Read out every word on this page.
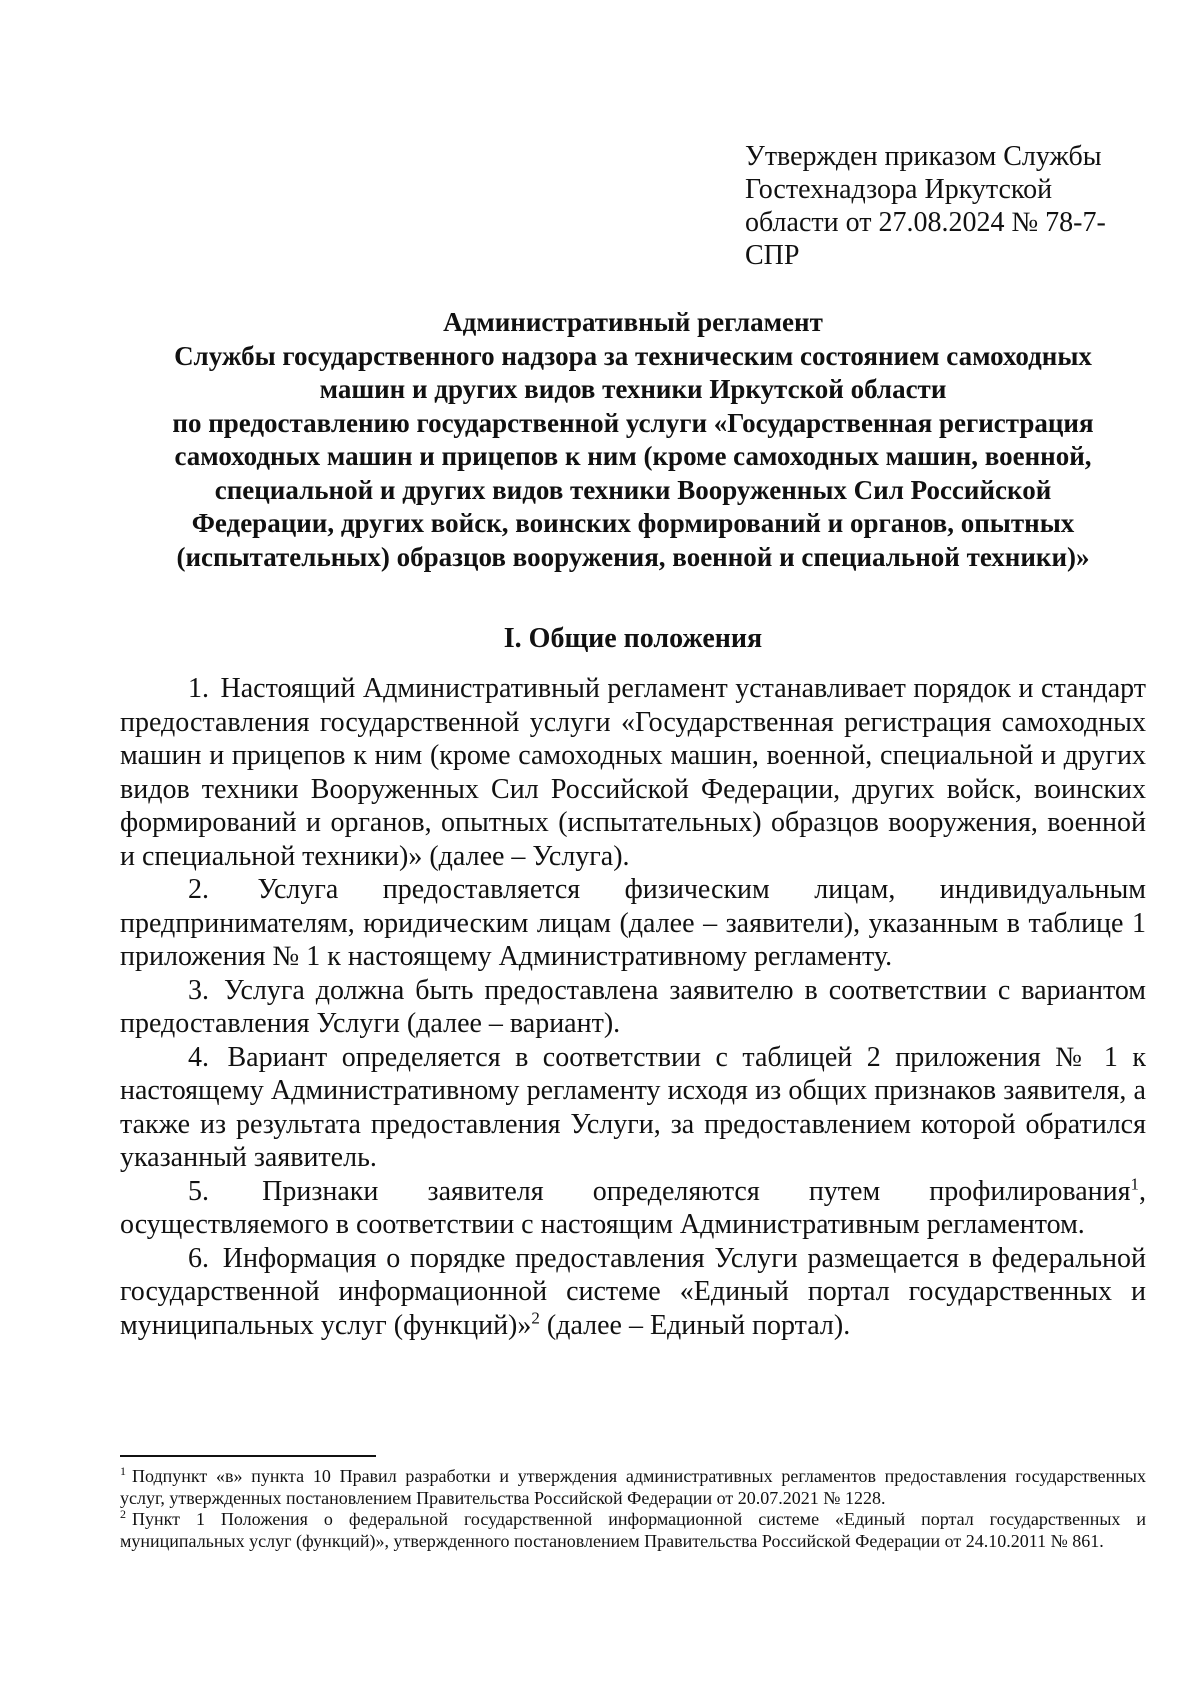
Утвержден приказом Службы
Гостехнадзора Иркутской
области от 27.08.2024 № 78-7-
СПР
Административный регламент
Службы государственного надзора за техническим состоянием самоходных
машин и других видов техники Иркутской области
по предоставлению государственной услуги «Государственная регистрация
самоходных машин и прицепов к ним (кроме самоходных машин, военной,
специальной и других видов техники Вооруженных Сил Российской
Федерации, других войск, воинских формирований и органов, опытных
(испытательных) образцов вооружения, военной и специальной техники)»
I. Общие положения

1. Настоящий Административный регламент устанавливает порядок и стандарт предоставления государственной услуги «Государственная регистрация самоходных машин и прицепов к ним (кроме самоходных машин, военной, специальной и других видов техники Вооруженных Сил Российской Федерации, других войск, воинских формирований и органов, опытных (испытательных) образцов вооружения, военной и специальной техники)» (далее – Услуга).

2. Услуга предоставляется физическим лицам, индивидуальным предпринимателям, юридическим лицам (далее – заявители), указанным в таблице 1 приложения № 1 к настоящему Административному регламенту.

3. Услуга должна быть предоставлена заявителю в соответствии с вариантом предоставления Услуги (далее – вариант).

4. Вариант определяется в соответствии с таблицей 2 приложения № 1 к настоящему Административному регламенту исходя из общих признаков заявителя, а также из результата предоставления Услуги, за предоставлением которой обратился указанный заявитель.

5. Признаки заявителя определяются путем профилирования$^1$, осуществляемого в соответствии с настоящим Административным регламентом.

6. Информация о порядке предоставления Услуги размещается в федеральной государственной информационной системе «Единый портал государственных и муниципальных услуг (функций)»$^2$ (далее – Единый портал).

$^1$ Подпункт «в» пункта 10 Правил разработки и утверждения административных регламентов предоставления государственных услуг, утвержденных постановлением Правительства Российской Федерации от 20.07.2021 № 1228.

$^2$ Пункт 1 Положения о федеральной государственной информационной системе «Единый портал государственных и муниципальных услуг (функций)», утвержденного постановлением Правительства Российской Федерации от 24.10.2011 № 861.
